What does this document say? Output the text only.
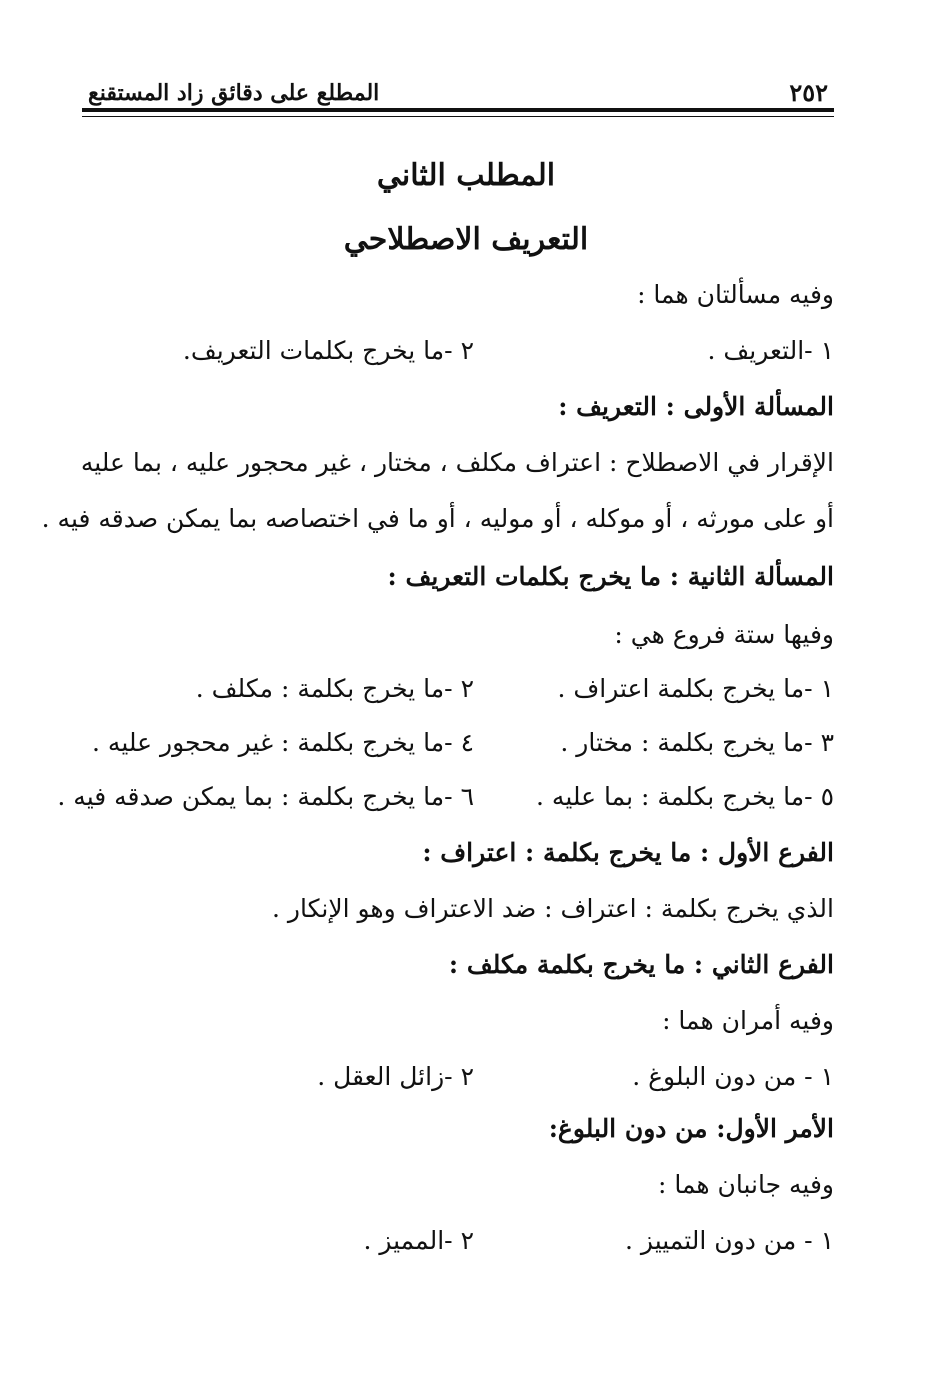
٢٥٢
المطلع على دقائق زاد المستقنع
المطلب الثاني
التعريف الاصطلاحي
وفيه مسألتان هما :
١ -التعريف .
٢ -ما يخرج بكلمات التعريف.
المسألة الأولى : التعريف :
الإقرار في الاصطلاح : اعتراف مكلف ، مختار ، غير محجور عليه ، بما عليه
أو على مورثه ، أو موكله ، أو موليه ، أو ما في اختصاصه بما يمكن صدقه فيه .
المسألة الثانية : ما يخرج بكلمات التعريف :
وفيها ستة فروع هي :
١ -ما يخرج بكلمة اعتراف .
٢ -ما يخرج بكلمة : مكلف .
٣ -ما يخرج بكلمة : مختار .
٤ -ما يخرج بكلمة : غير محجور عليه .
٥ -ما يخرج بكلمة : بما عليه .
٦ -ما يخرج بكلمة : بما يمكن صدقه فيه .
الفرع الأول : ما يخرج بكلمة : اعتراف :
الذي يخرج بكلمة : اعتراف : ضد الاعتراف وهو الإنكار .
الفرع الثاني : ما يخرج بكلمة مكلف :
وفيه أمران هما :
١ - من دون البلوغ .
٢ -زائل العقل .
الأمر الأول: من دون البلوغ:
وفيه جانبان هما :
١ - من دون التمييز .
٢ -المميز .
